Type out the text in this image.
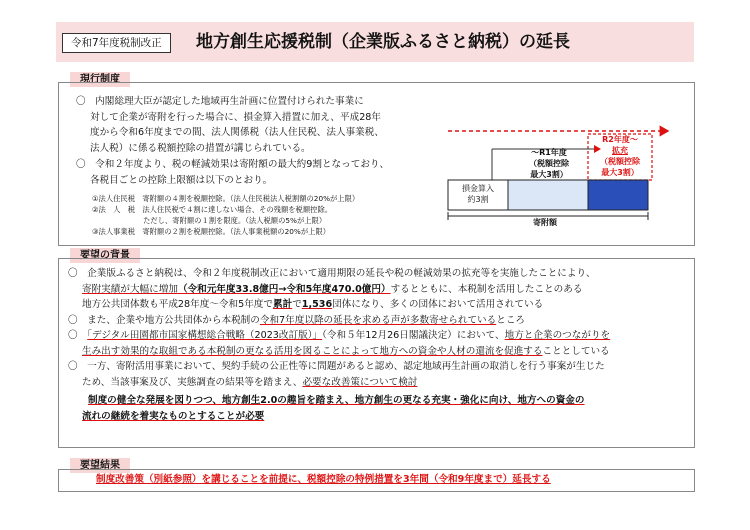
令和7年度税制改正	地方創生応援税制（企業版ふるさと納税）の延長
現行制度
〇　内閣総理大臣が認定した地域再生計画に位置付けられた事業に
対して企業が寄附を行った場合に、損金算入措置に加え、平成28年
度から令和6年度までの間、法人関係税（法人住民税、法人事業税、
法人税）に係る税額控除の措置が講じられている。
〇　令和２年度より、税の軽減効果は寄附額の最大約9割となっており、
各税目ごとの控除上限額は以下のとおり。
①法人住民税　寄附額の４割を税額控除。（法人住民税法人税割額の20%が上限）
②法　人　税　法人住民税で４割に達しない場合、その残額を税額控除。
　　　　　　　ただし、寄附額の１割を限度。（法人税額の5%が上限）
③法人事業税　寄附額の２割を税額控除。（法人事業税額の20%が上限）
R2年度～
拡充
（税額控除
最大3割）
～R1年度
（税額控除
最大3割）
損金算入
約3割
寄附額
要望の背景
〇　企業版ふるさと納税は、令和２年度税制改正において適用期限の延長や税の軽減効果の拡充等を実施したことにより、
寄附実績が大幅に増加（令和元年度33.8億円→令和5年度470.0億円）するとともに、本税制を活用したことのある
地方公共団体数も平成28年度～令和5年度で累計で1,536団体になり、多くの団体において活用されている
〇　また、企業や地方公共団体から本税制の令和7年度以降の延長を求める声が多数寄せられているところ
〇　「デジタル田園都市国家構想総合戦略（2023改訂版）」（令和５年12月26日閣議決定）において、地方と企業のつながりを
生み出す効果的な取組である本税制の更なる活用を図ることによって地方への資金や人材の還流を促進することとしている
〇　一方、寄附活用事業において、契約手続の公正性等に問題があると認め、認定地域再生計画の取消しを行う事案が生じた
ため、当該事案及び、実態調査の結果等を踏まえ、必要な改善策について検討
制度の健全な発展を図りつつ、地方創生2.0の趣旨を踏まえ、地方創生の更なる充実・強化に向け、地方への資金の
流れの継続を着実なものとすることが必要
要望結果
制度改善策（別紙参照）を講じることを前提に、税額控除の特例措置を3年間（令和9年度まで）延長する
